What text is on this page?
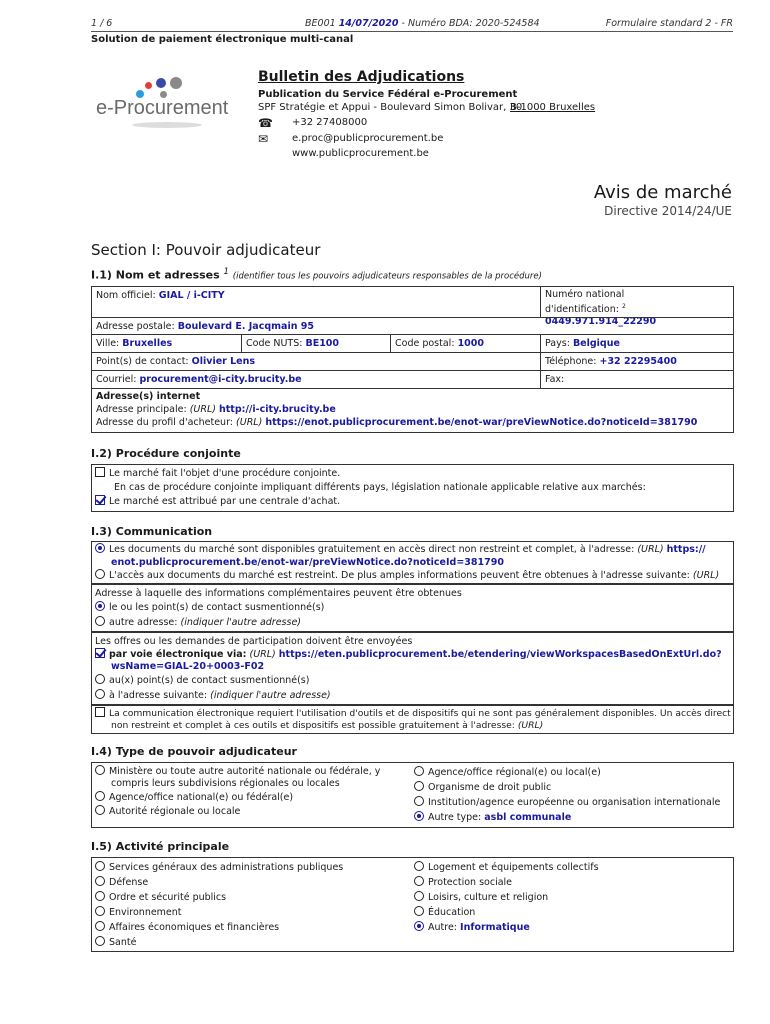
1 / 6	BE001 14/07/2020 - Numéro BDA: 2020-524584	Formulaire standard 2 - FR
Solution de paiement électronique multi-canal
e-Procurement
Bulletin des Adjudications
Publication du Service Fédéral e-Procurement
SPF Stratégie et Appui - Boulevard Simon Bolivar, 30
B-1000 Bruxelles
☎ +32 27408000
✉	e.proc@publicprocurement.be
www.publicprocurement.be
Avis de marché
Directive 2014/24/UE
Section I: Pouvoir adjudicateur
I.1) Nom et adresses $^1$ (identifier tous les pouvoirs adjudicateurs responsables de la procédure)
Nom officiel: GIAL / i-CITY	Numéro national
d'identification: $^2$ 0449.971.914_22290
Adresse postale: Boulevard E. Jacqmain 95
Ville: Bruxelles	Code NUTS: BE100	Code postal: 1000	Pays: Belgique
Point(s) de contact: Olivier Lens	Téléphone: +32 22295400
Courriel: procurement@i-city.brucity.be	Fax:
Adresse(s) internet
Adresse principale: (URL) http://i-city.brucity.be
Adresse du profil d'acheteur: (URL) https://enot.publicprocurement.be/enot-war/preViewNotice.do?noticeId=381790
I.2) Procédure conjointe
Le marché fait l'objet d'une procédure conjointe.
En cas de procédure conjointe impliquant différents pays, législation nationale applicable relative aux marchés:
Le marché est attribué par une centrale d'achat.
I.3) Communication
Les documents du marché sont disponibles gratuitement en accès direct non restreint et complet, à l'adresse: (URL) https://
enot.publicprocurement.be/enot-war/preViewNotice.do?noticeId=381790
L'accès aux documents du marché est restreint. De plus amples informations peuvent être obtenues à l'adresse suivante: (URL)
Adresse à laquelle des informations complémentaires peuvent être obtenues
le ou les point(s) de contact susmentionné(s)
autre adresse: (indiquer l'autre adresse)
Les offres ou les demandes de participation doivent être envoyées
par voie électronique via: (URL) https://eten.publicprocurement.be/etendering/viewWorkspacesBasedOnExtUrl.do?
wsName=GIAL-20+0003-F02
au(x) point(s) de contact susmentionné(s)
à l'adresse suivante: (indiquer l'autre adresse)
La communication électronique requiert l'utilisation d'outils et de dispositifs qui ne sont pas généralement disponibles. Un accès direct
non restreint et complet à ces outils et dispositifs est possible gratuitement à l'adresse: (URL)
I.4) Type de pouvoir adjudicateur
Ministère ou toute autre autorité nationale ou fédérale, y
compris leurs subdivisions régionales ou locales
Agence/office national(e) ou fédéral(e)
Autorité régionale ou locale
Agence/office régional(e) ou local(e)
Organisme de droit public
Institution/agence européenne ou organisation internationale
Autre type: asbl communale
I.5) Activité principale
Services généraux des administrations publiques
Défense
Ordre et sécurité publics
Environnement
Affaires économiques et financières
Santé
Logement et équipements collectifs
Protection sociale
Loisirs, culture et religion
Éducation
Autre: Informatique
